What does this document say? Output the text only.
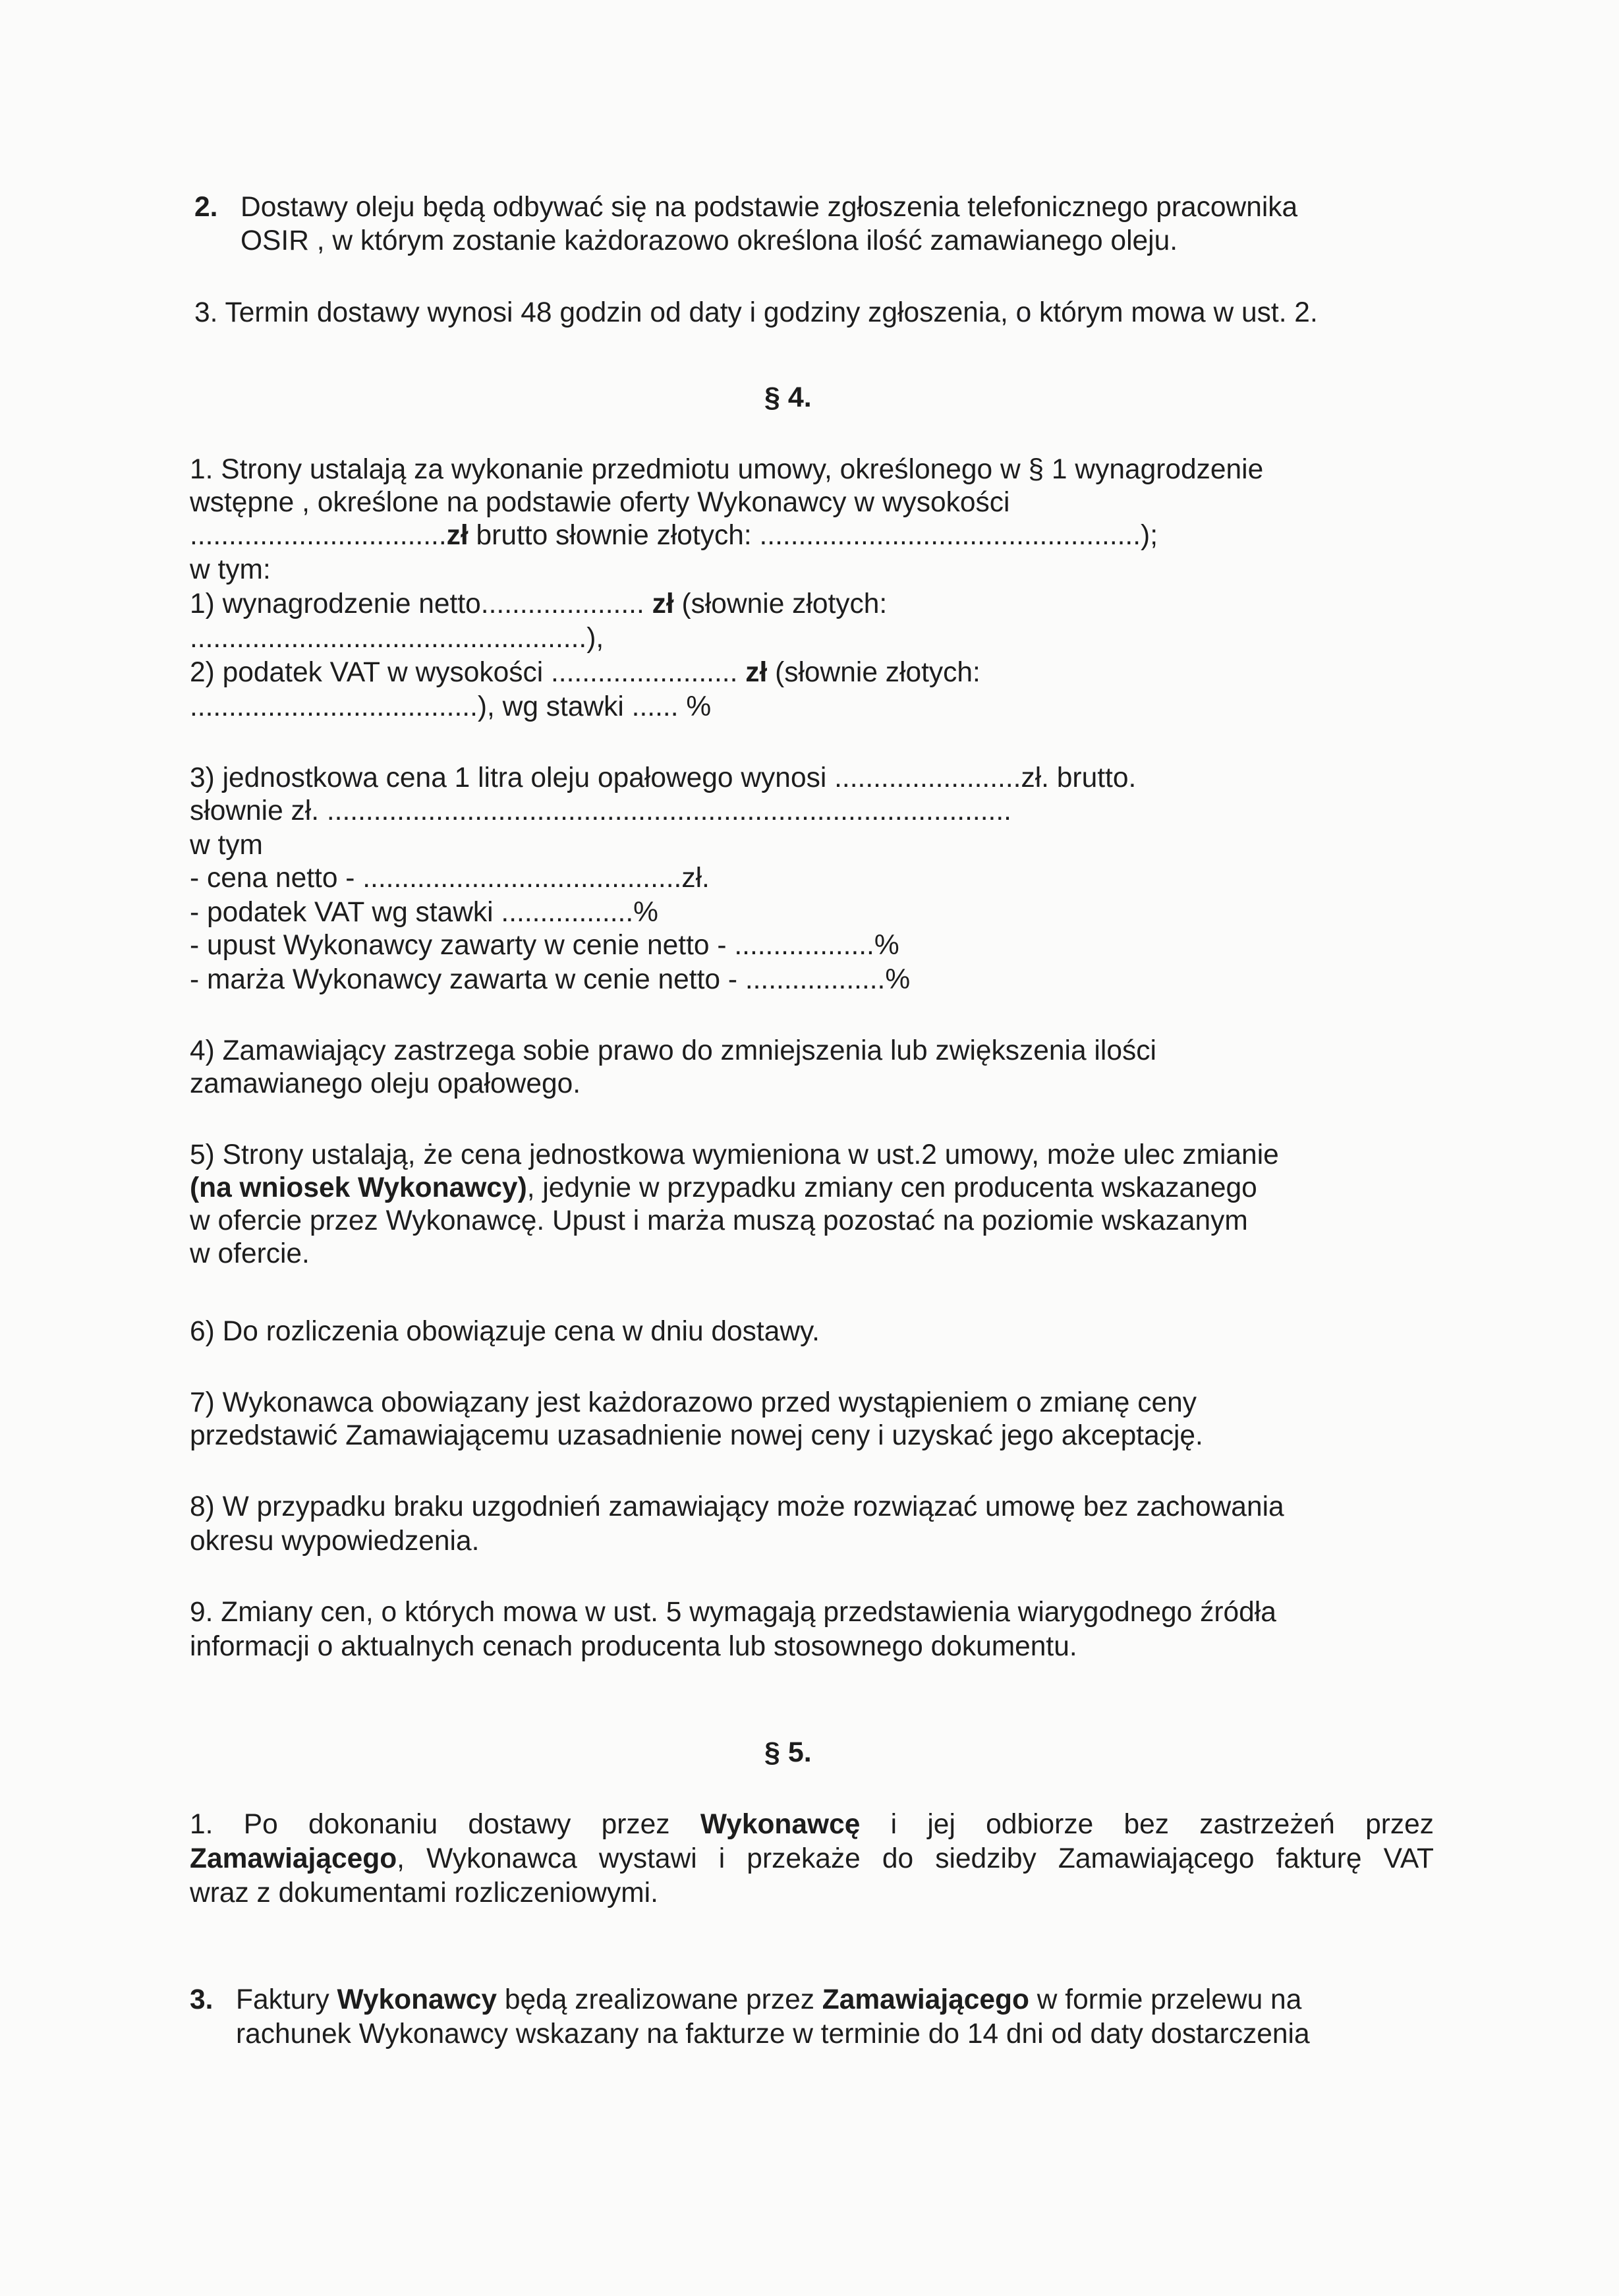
2. Dostawy oleju będą odbywać się na podstawie zgłoszenia telefonicznego pracownika
OSIR , w którym zostanie każdorazowo określona ilość zamawianego oleju.
3. Termin dostawy wynosi 48 godzin od daty i godziny zgłoszenia, o którym mowa w ust. 2.
§ 4.
1. Strony ustalają za wykonanie przedmiotu umowy, określonego w § 1 wynagrodzenie
wstępne , określone na podstawie oferty Wykonawcy w wysokości
.................................zł brutto słownie złotych: .................................................);
w tym:
1) wynagrodzenie netto..................... zł (słownie złotych:
...................................................),
2) podatek VAT w wysokości ........................ zł (słownie złotych:
.....................................), wg stawki ...... %
3) jednostkowa cena 1 litra oleju opałowego wynosi ........................zł. brutto.
słownie zł. ........................................................................................
w tym
- cena netto - .........................................zł.
- podatek VAT wg stawki .................%
- upust Wykonawcy zawarty w cenie netto - ..................%
- marża Wykonawcy zawarta w cenie netto - ..................%
4) Zamawiający zastrzega sobie prawo do zmniejszenia lub zwiększenia ilości
zamawianego oleju opałowego.
5) Strony ustalają, że cena jednostkowa wymieniona w ust.2 umowy, może ulec zmianie
(na wniosek Wykonawcy), jedynie w przypadku zmiany cen producenta wskazanego
w ofercie przez Wykonawcę. Upust i marża muszą pozostać na poziomie wskazanym
w ofercie.
6) Do rozliczenia obowiązuje cena w dniu dostawy.
7) Wykonawca obowiązany jest każdorazowo przed wystąpieniem o zmianę ceny
przedstawić Zamawiającemu uzasadnienie nowej ceny i uzyskać jego akceptację.
8) W przypadku braku uzgodnień zamawiający może rozwiązać umowę bez zachowania
okresu wypowiedzenia.
9. Zmiany cen, o których mowa w ust. 5 wymagają przedstawienia wiarygodnego źródła
informacji o aktualnych cenach producenta lub stosownego dokumentu.
§ 5.
1. Po dokonaniu dostawy przez Wykonawcę i jej odbiorze bez zastrzeżeń przez
Zamawiającego, Wykonawca wystawi i przekaże do siedziby Zamawiającego fakturę VAT
wraz z dokumentami rozliczeniowymi.
3. Faktury Wykonawcy będą zrealizowane przez Zamawiającego w formie przelewu na
rachunek Wykonawcy wskazany na fakturze w terminie do 14 dni od daty dostarczenia
